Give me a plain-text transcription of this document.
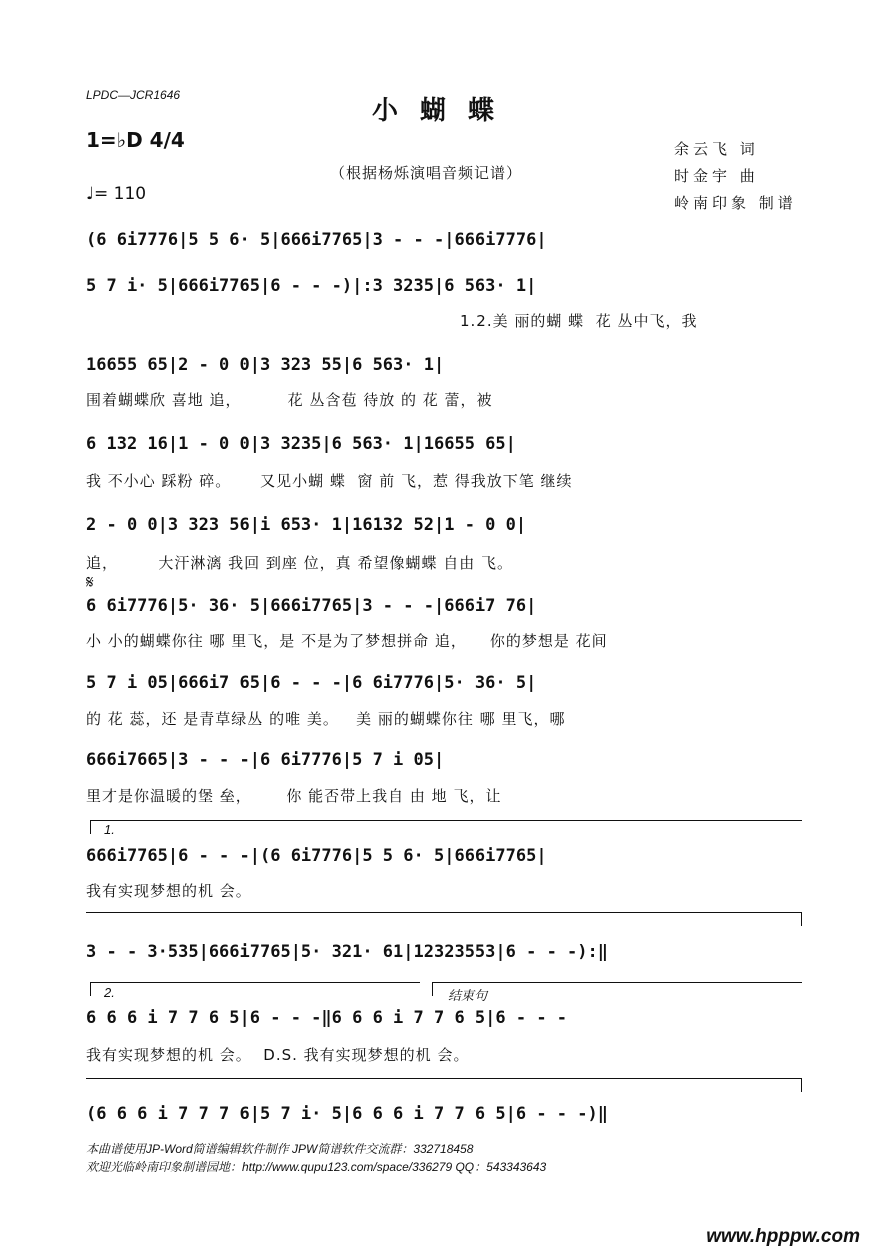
LPDC—JCR1646
小蝴蝶
1=♭D 4/4
♩= 110
（根据杨烁演唱音频记谱）
余云飞 词
时金宇 曲
岭南印象 制谱
(6 6i7776|5 5 6· 5|666i7765|3 - - -|666i7776|
5 7 i· 5|666i7765|6 - - -)|:3 3235|6 563· 1|
1.2.美 丽的蝴 蝶  花 丛中飞，我
16655 65|2 - 0 0|3 323 55|6 563· 1|
围着蝴蝶欣 喜地 追，        花 丛含苞 待放 的 花 蕾，被
6 132 16|1 - 0 0|3 3235|6 563· 1|16655 65|
我 不小心 踩粉 碎。     又见小蝴 蝶  窗 前 飞，惹 得我放下笔 继续
2 - 0 0|3 323 56|i 653· 1|16132 52|1 - 0 0|
追，       大汗淋漓 我回 到座 位，真 希望像蝴蝶 自由 飞。
𝄋
6 6i7776|5· 36· 5|666i7765|3 - - -|666i7 76|
小 小的蝴蝶你往 哪 里飞，是 不是为了梦想拼命 追，    你的梦想是 花间
5 7 i 05|666i7 65|6 - - -|6 6i7776|5· 36· 5|
的 花 蕊，还 是青草绿丛 的唯 美。   美 丽的蝴蝶你往 哪 里飞，哪
666i7665|3 - - -|6 6i7776|5 7 i 05|
里才是你温暖的堡 垒，      你 能否带上我自 由 地 飞，让
1.
666i7765|6 - - -|(6 6i7776|5 5 6· 5|666i7765|
我有实现梦想的机 会。
3 - - 3·535|666i7765|5· 321· 61|12323553|6 - - -):‖
2.	结束句
6 6 6 i 7 7 6 5|6 - - -‖6 6 6 i 7 7 6 5|6 - - -
我有实现梦想的机 会。  D.S. 我有实现梦想的机 会。
(6 6 6 i 7 7 7 6|5 7 i· 5|6 6 6 i 7 7 6 5|6 - - -)‖
本曲谱使用JP-Word简谱编辑软件制作 JPW简谱软件交流群：332718458
欢迎光临岭南印象制谱园地：http://www.qupu123.com/space/336279 QQ：543343643
www.hpppw.com
